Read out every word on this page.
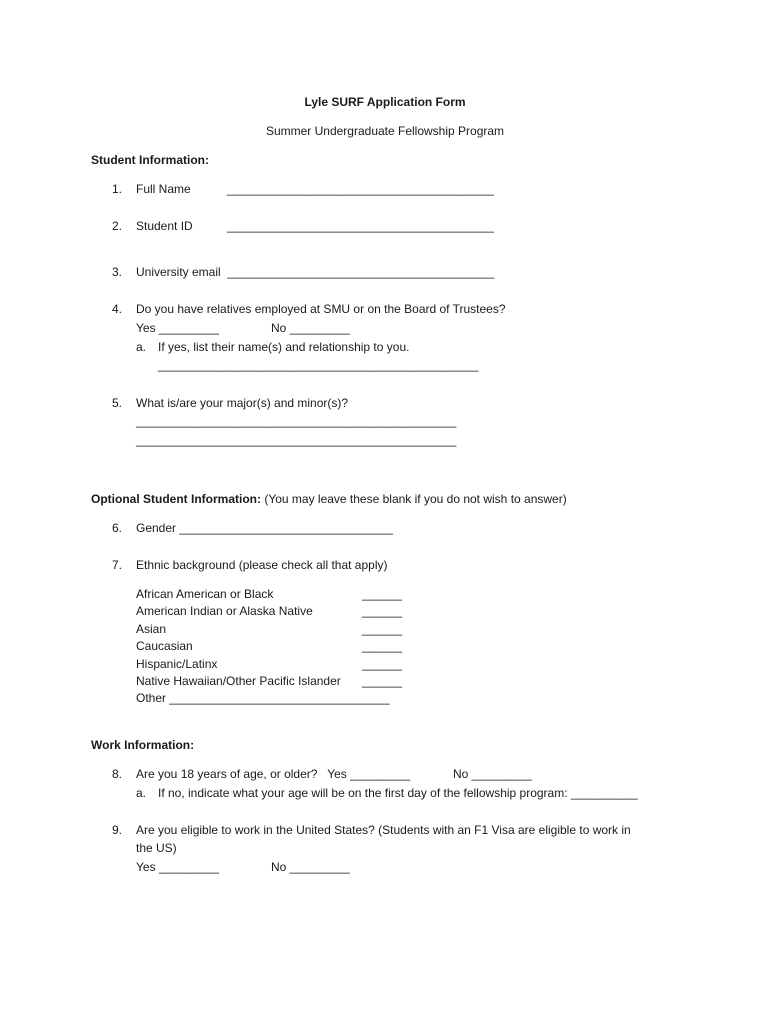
Lyle SURF Application Form
Summer Undergraduate Fellowship Program
Student Information:
1. Full Name	________________________________________
2. Student ID	________________________________________
3. University email  ________________________________________
4. Do you have relatives employed at SMU or on the Board of Trustees?
Yes _________	No _________
a. If yes, list their name(s) and relationship to you.
________________________________________________
5. What is/are your major(s) and minor(s)?
________________________________________________
________________________________________________
Optional Student Information: (You may leave these blank if you do not wish to answer)
6. Gender ________________________________
7. Ethnic background (please check all that apply)
African American or Black	______
American Indian or Alaska Native	______
Asian	______
Caucasian	______
Hispanic/Latinx	______
Native Hawaiian/Other Pacific Islander ______
Other _________________________________
Work Information:
8. Are you 18 years of age, or older?   Yes _________	No _________
a. If no, indicate what your age will be on the first day of the fellowship program: __________
9. Are you eligible to work in the United States? (Students with an F1 Visa are eligible to work in
the US)
Yes _________	No _________
